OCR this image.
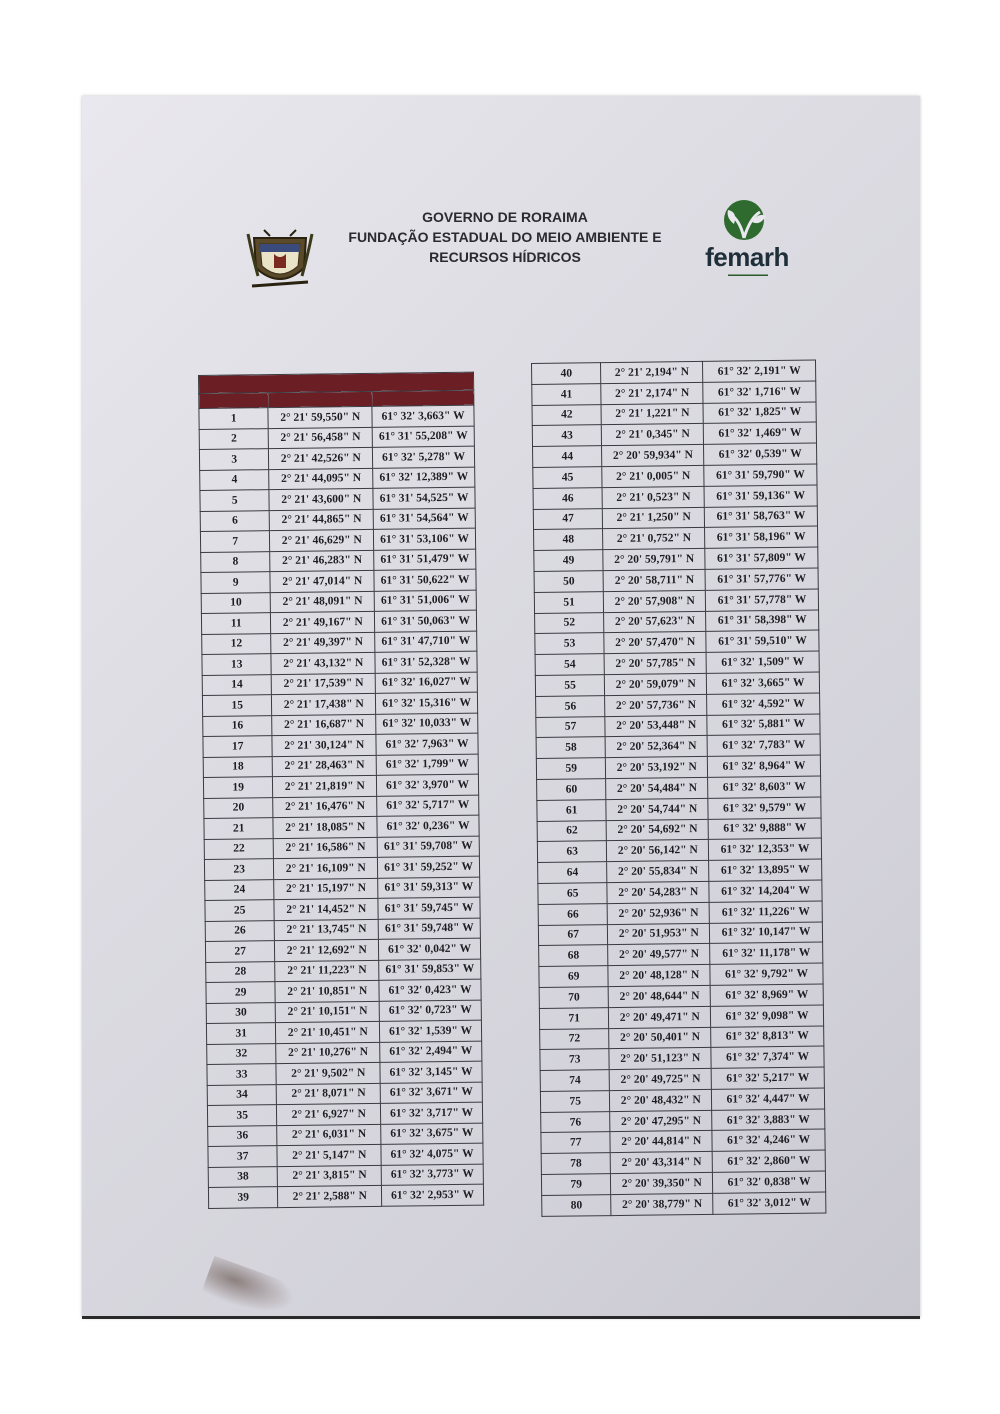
GOVERNO DE RORAIMA
FUNDAÇÃO ESTADUAL DO MEIO AMBIENTE E
RECURSOS HÍDRICOS	femarh
▬▬▬▬▬▬▬▬

1	2° 21' 59,550" N	61° 32' 3,663" W
2	2° 21' 56,458" N	61° 31' 55,208" W
3	2° 21' 42,526" N	61° 32' 5,278" W
4	2° 21' 44,095" N	61° 32' 12,389" W
5	2° 21' 43,600" N	61° 31' 54,525" W
6	2° 21' 44,865" N	61° 31' 54,564" W
7	2° 21' 46,629" N	61° 31' 53,106" W
8	2° 21' 46,283" N	61° 31' 51,479" W
9	2° 21' 47,014" N	61° 31' 50,622" W
10	2° 21' 48,091" N	61° 31' 51,006" W
11	2° 21' 49,167" N	61° 31' 50,063" W
12	2° 21' 49,397" N	61° 31' 47,710" W
13	2° 21' 43,132" N	61° 31' 52,328" W
14	2° 21' 17,539" N	61° 32' 16,027" W
15	2° 21' 17,438" N	61° 32' 15,316" W
16	2° 21' 16,687" N	61° 32' 10,033" W
17	2° 21' 30,124" N	61° 32' 7,963" W
18	2° 21' 28,463" N	61° 32' 1,799" W
19	2° 21' 21,819" N	61° 32' 3,970" W
20	2° 21' 16,476" N	61° 32' 5,717" W
21	2° 21' 18,085" N	61° 32' 0,236" W
22	2° 21' 16,586" N	61° 31' 59,708" W
23	2° 21' 16,109" N	61° 31' 59,252" W
24	2° 21' 15,197" N	61° 31' 59,313" W
25	2° 21' 14,452" N	61° 31' 59,745" W
26	2° 21' 13,745" N	61° 31' 59,748" W
27	2° 21' 12,692" N	61° 32' 0,042" W
28	2° 21' 11,223" N	61° 31' 59,853" W
29	2° 21' 10,851" N	61° 32' 0,423" W
30	2° 21' 10,151" N	61° 32' 0,723" W
31	2° 21' 10,451" N	61° 32' 1,539" W
32	2° 21' 10,276" N	61° 32' 2,494" W
33	2° 21' 9,502" N	61° 32' 3,145" W
34	2° 21' 8,071" N	61° 32' 3,671" W
35	2° 21' 6,927" N	61° 32' 3,717" W
36	2° 21' 6,031" N	61° 32' 3,675" W
37	2° 21' 5,147" N	61° 32' 4,075" W
38	2° 21' 3,815" N	61° 32' 3,773" W
39	2° 21' 2,588" N	61° 32' 2,953" W
40	2° 21' 2,194" N	61° 32' 2,191" W
41	2° 21' 2,174" N	61° 32' 1,716" W
42	2° 21' 1,221" N	61° 32' 1,825" W
43	2° 21' 0,345" N	61° 32' 1,469" W
44	2° 20' 59,934" N	61° 32' 0,539" W
45	2° 21' 0,005" N	61° 31' 59,790" W
46	2° 21' 0,523" N	61° 31' 59,136" W
47	2° 21' 1,250" N	61° 31' 58,763" W
48	2° 21' 0,752" N	61° 31' 58,196" W
49	2° 20' 59,791" N	61° 31' 57,809" W
50	2° 20' 58,711" N	61° 31' 57,776" W
51	2° 20' 57,908" N	61° 31' 57,778" W
52	2° 20' 57,623" N	61° 31' 58,398" W
53	2° 20' 57,470" N	61° 31' 59,510" W
54	2° 20' 57,785" N	61° 32' 1,509" W
55	2° 20' 59,079" N	61° 32' 3,665" W
56	2° 20' 57,736" N	61° 32' 4,592" W
57	2° 20' 53,448" N	61° 32' 5,881" W
58	2° 20' 52,364" N	61° 32' 7,783" W
59	2° 20' 53,192" N	61° 32' 8,964" W
60	2° 20' 54,484" N	61° 32' 8,603" W
61	2° 20' 54,744" N	61° 32' 9,579" W
62	2° 20' 54,692" N	61° 32' 9,888" W
63	2° 20' 56,142" N	61° 32' 12,353" W
64	2° 20' 55,834" N	61° 32' 13,895" W
65	2° 20' 54,283" N	61° 32' 14,204" W
66	2° 20' 52,936" N	61° 32' 11,226" W
67	2° 20' 51,953" N	61° 32' 10,147" W
68	2° 20' 49,577" N	61° 32' 11,178" W
69	2° 20' 48,128" N	61° 32' 9,792" W
70	2° 20' 48,644" N	61° 32' 8,969" W
71	2° 20' 49,471" N	61° 32' 9,098" W
72	2° 20' 50,401" N	61° 32' 8,813" W
73	2° 20' 51,123" N	61° 32' 7,374" W
74	2° 20' 49,725" N	61° 32' 5,217" W
75	2° 20' 48,432" N	61° 32' 4,447" W
76	2° 20' 47,295" N	61° 32' 3,883" W
77	2° 20' 44,814" N	61° 32' 4,246" W
78	2° 20' 43,314" N	61° 32' 2,860" W
79	2° 20' 39,350" N	61° 32' 0,838" W
80	2° 20' 38,779" N	61° 32' 3,012" W
